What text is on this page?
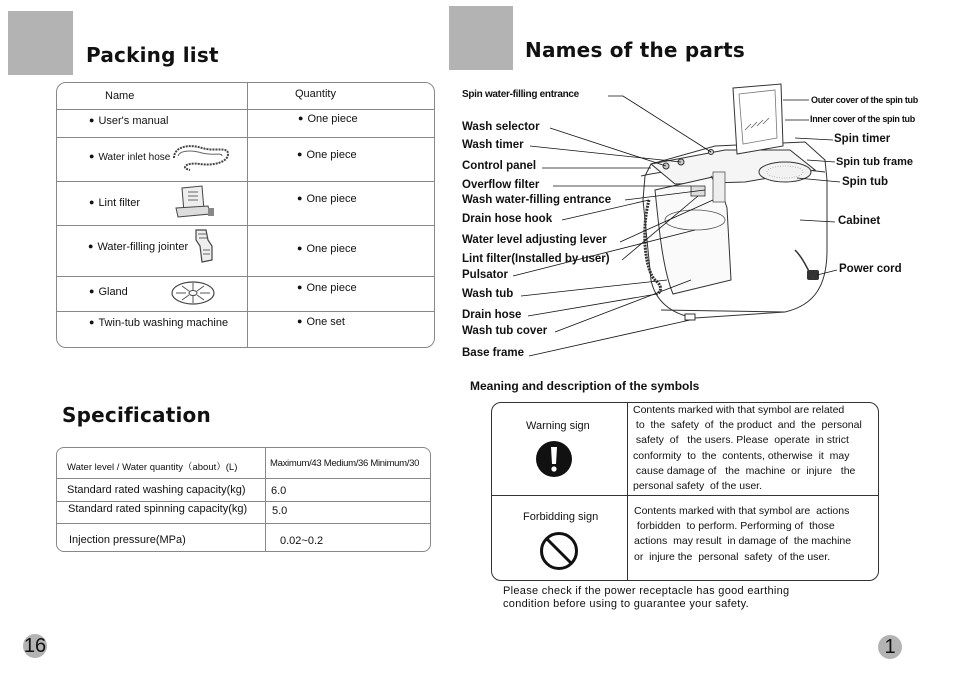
Packing list
Name	Quantity
● User's manual	● One piece
● Water inlet hose	● One piece
● Lint filter	● One piece
● Water-filling jointer	● One piece
● Gland	● One piece
● Twin-tub washing machine	● One set
Specification
Water level / Water quantity（about）(L)	Maximum/43 Medium/36 Minimum/30
Standard rated washing capacity(kg) 6.0
Standard rated spinning capacity(kg) 5.0
Injection pressure(MPa)	0.02~0.2
16
Names of the parts
Spin water-filling entrance
Wash selector
Wash timer
Control panel
Overflow filter
Wash water-filling entrance
Drain hose hook
Water level adjusting lever
Lint filter(Installed by user)
Pulsator
Wash tub
Drain hose
Wash tub cover
Base frame
Outer cover of the spin tub
Inner cover of the spin tub
Spin timer
Spin tub frame
Spin tub
Cabinet
Power cord
Meaning and description of the symbols
Warning sign
Contents marked with that symbol are related
to  the  safety  of  the product  and  the  personal
safety  of   the users. Please  operate  in strict
conformity  to  the  contents, otherwise  it  may
cause damage of   the  machine  or  injure   the
personal safety  of the user.
Forbidding sign	Contents marked with that symbol are  actions
forbidden  to perform. Performing of  those
actions  may result  in damage of  the machine
or  injure the  personal  safety  of the user.
Please check if the power receptacle has good earthing
condition before using to guarantee your safety.
1
